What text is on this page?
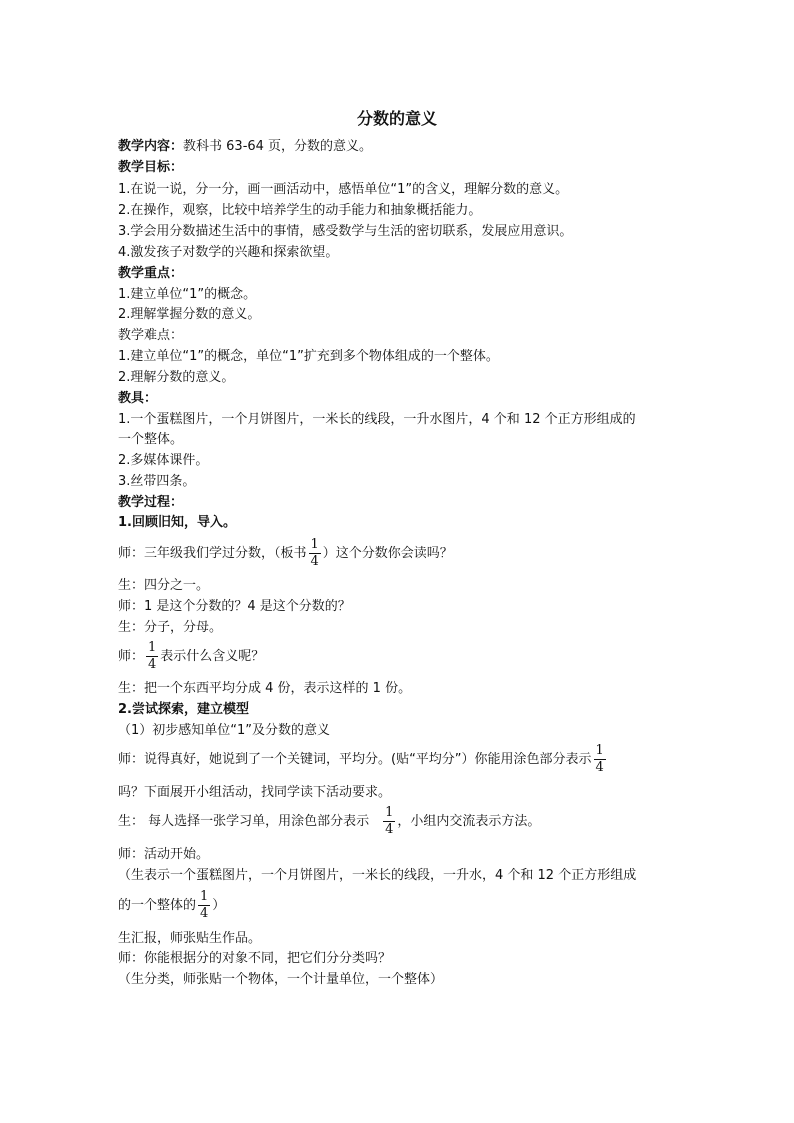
分数的意义
教学内容：教科书 63-64 页，分数的意义。
教学目标：
1.在说一说，分一分，画一画活动中，感悟单位“1”的含义，理解分数的意义。
2.在操作，观察，比较中培养学生的动手能力和抽象概括能力。
3.学会用分数描述生活中的事情，感受数学与生活的密切联系，发展应用意识。
4.激发孩子对数学的兴趣和探索欲望。
教学重点：
1.建立单位“1”的概念。
2.理解掌握分数的意义。
教学难点：
1.建立单位“1”的概念，单位“1”扩充到多个物体组成的一个整体。
2.理解分数的意义。
教具：
1.一个蛋糕图片，一个月饼图片，一米长的线段，一升水图片，4 个和 12 个正方形组成的
一个整体。
2.多媒体课件。
3.丝带四条。
教学过程：
1.回顾旧知，导入。
师：三年级我们学过分数，（板书 $\frac{1}{4}$ ）这个分数你会读吗？
生：四分之一。
师：1 是这个分数的？4 是这个分数的？
生：分子，分母。
师： $\frac{1}{4}$ 表示什么含义呢？
生：把一个东西平均分成 4 份，表示这样的 1 份。
2.尝试探索，建立模型
（1）初步感知单位“1”及分数的意义
师：说得真好，她说到了一个关键词，平均分。(贴“平均分”）你能用涂色部分表示 $\frac{1}{4}$
吗？下面展开小组活动，找同学读下活动要求。
生： 每人选择一张学习单，用涂色部分表示 $\frac{1}{4}$ ，小组内交流表示方法。
师：活动开始。
（生表示一个蛋糕图片，一个月饼图片，一米长的线段，一升水，4 个和 12 个正方形组成
的一个整体的 $\frac{1}{4}$ ）
生汇报，师张贴生作品。
师：你能根据分的对象不同，把它们分分类吗？
（生分类，师张贴一个物体，一个计量单位，一个整体）
